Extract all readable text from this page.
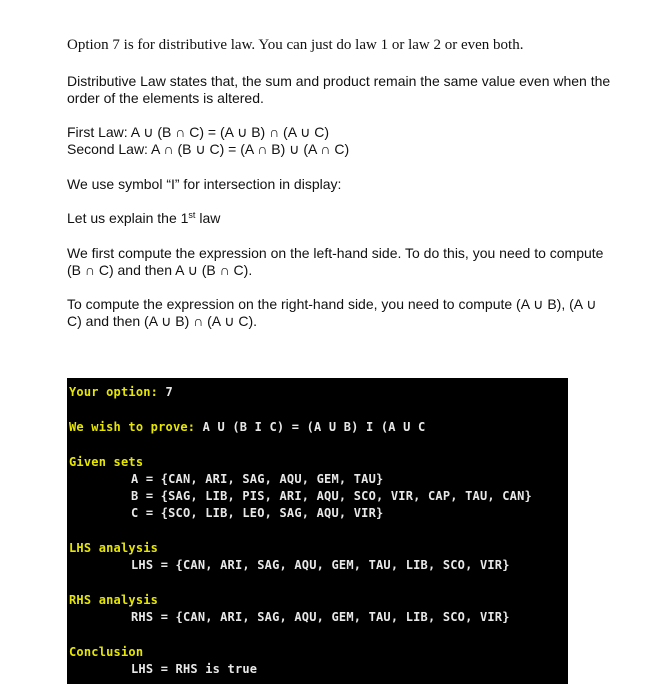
Option 7 is for distributive law. You can just do law 1 or law 2 or even both.

Distributive Law states that, the sum and product remain the same value even when the order of the elements is altered.

First Law: A ∪ (B ∩ C) = (A ∪ B) ∩ (A ∪ C)

Second Law: A ∩ (B ∪ C) = (A ∩ B) ∪ (A ∩ C)

We use symbol “I” for intersection in display:

Let us explain the 1st law

We first compute the expression on the left-hand side. To do this, you need to compute (B ∩ C) and then A ∪ (B ∩ C).

To compute the expression on the right-hand side, you need to compute (A ∪ B), (A ∪ C) and then (A ∪ B) ∩ (A ∪ C).

Your option: 7
We wish to prove: A U (B I C) = (A U B) I (A U C
Given sets
A = {CAN, ARI, SAG, AQU, GEM, TAU}
B = {SAG, LIB, PIS, ARI, AQU, SCO, VIR, CAP, TAU, CAN}
C = {SCO, LIB, LEO, SAG, AQU, VIR}
LHS analysis
LHS = {CAN, ARI, SAG, AQU, GEM, TAU, LIB, SCO, VIR}
RHS analysis
RHS = {CAN, ARI, SAG, AQU, GEM, TAU, LIB, SCO, VIR}
Conclusion
LHS = RHS is true
